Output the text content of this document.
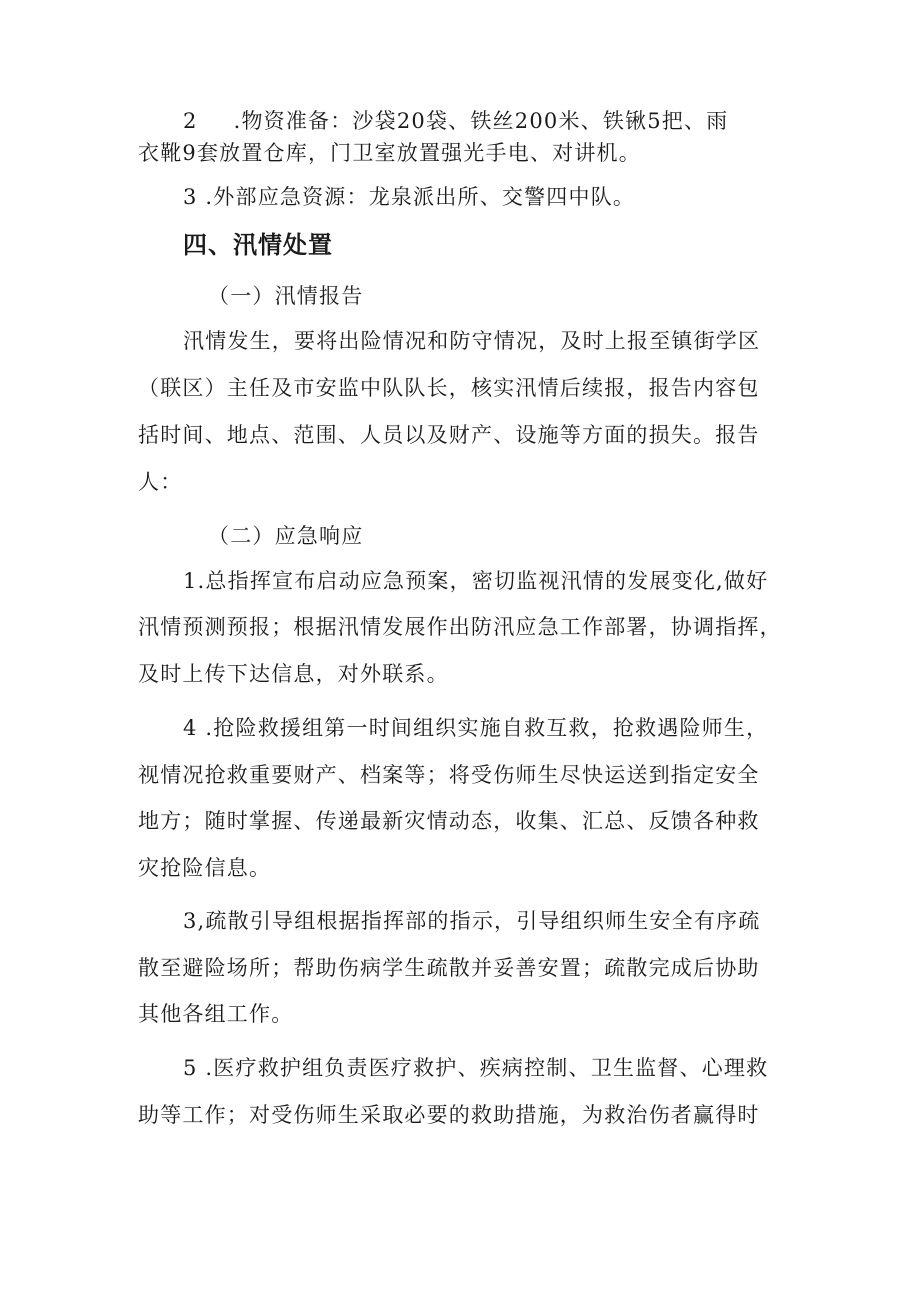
2 .物资准备：沙袋20袋、铁丝200米、铁锹5把、雨
衣靴9套放置仓库，门卫室放置强光手电、对讲机。
3 .外部应急资源：龙泉派出所、交警四中队。
四、汛情处置
（一）汛情报告
汛情发生，要将出险情况和防守情况，及时上报至镇街学区
（联区）主任及市安监中队队长，核实汛情后续报，报告内容包
括时间、地点、范围、人员以及财产、设施等方面的损失。报告
人：
（二）应急响应
1.总指挥宣布启动应急预案，密切监视汛情的发展变化,做好
汛情预测预报；根据汛情发展作出防汛应急工作部署，协调指挥，
及时上传下达信息，对外联系。
4 .抢险救援组第一时间组织实施自救互救，抢救遇险师生，
视情况抢救重要财产、档案等；将受伤师生尽快运送到指定安全
地方；随时掌握、传递最新灾情动态，收集、汇总、反馈各种救
灾抢险信息。
3,疏散引导组根据指挥部的指示，引导组织师生安全有序疏
散至避险场所；帮助伤病学生疏散并妥善安置；疏散完成后协助
其他各组工作。
5 .医疗救护组负责医疗救护、疾病控制、卫生监督、心理救
助等工作；对受伤师生采取必要的救助措施，为救治伤者赢得时
